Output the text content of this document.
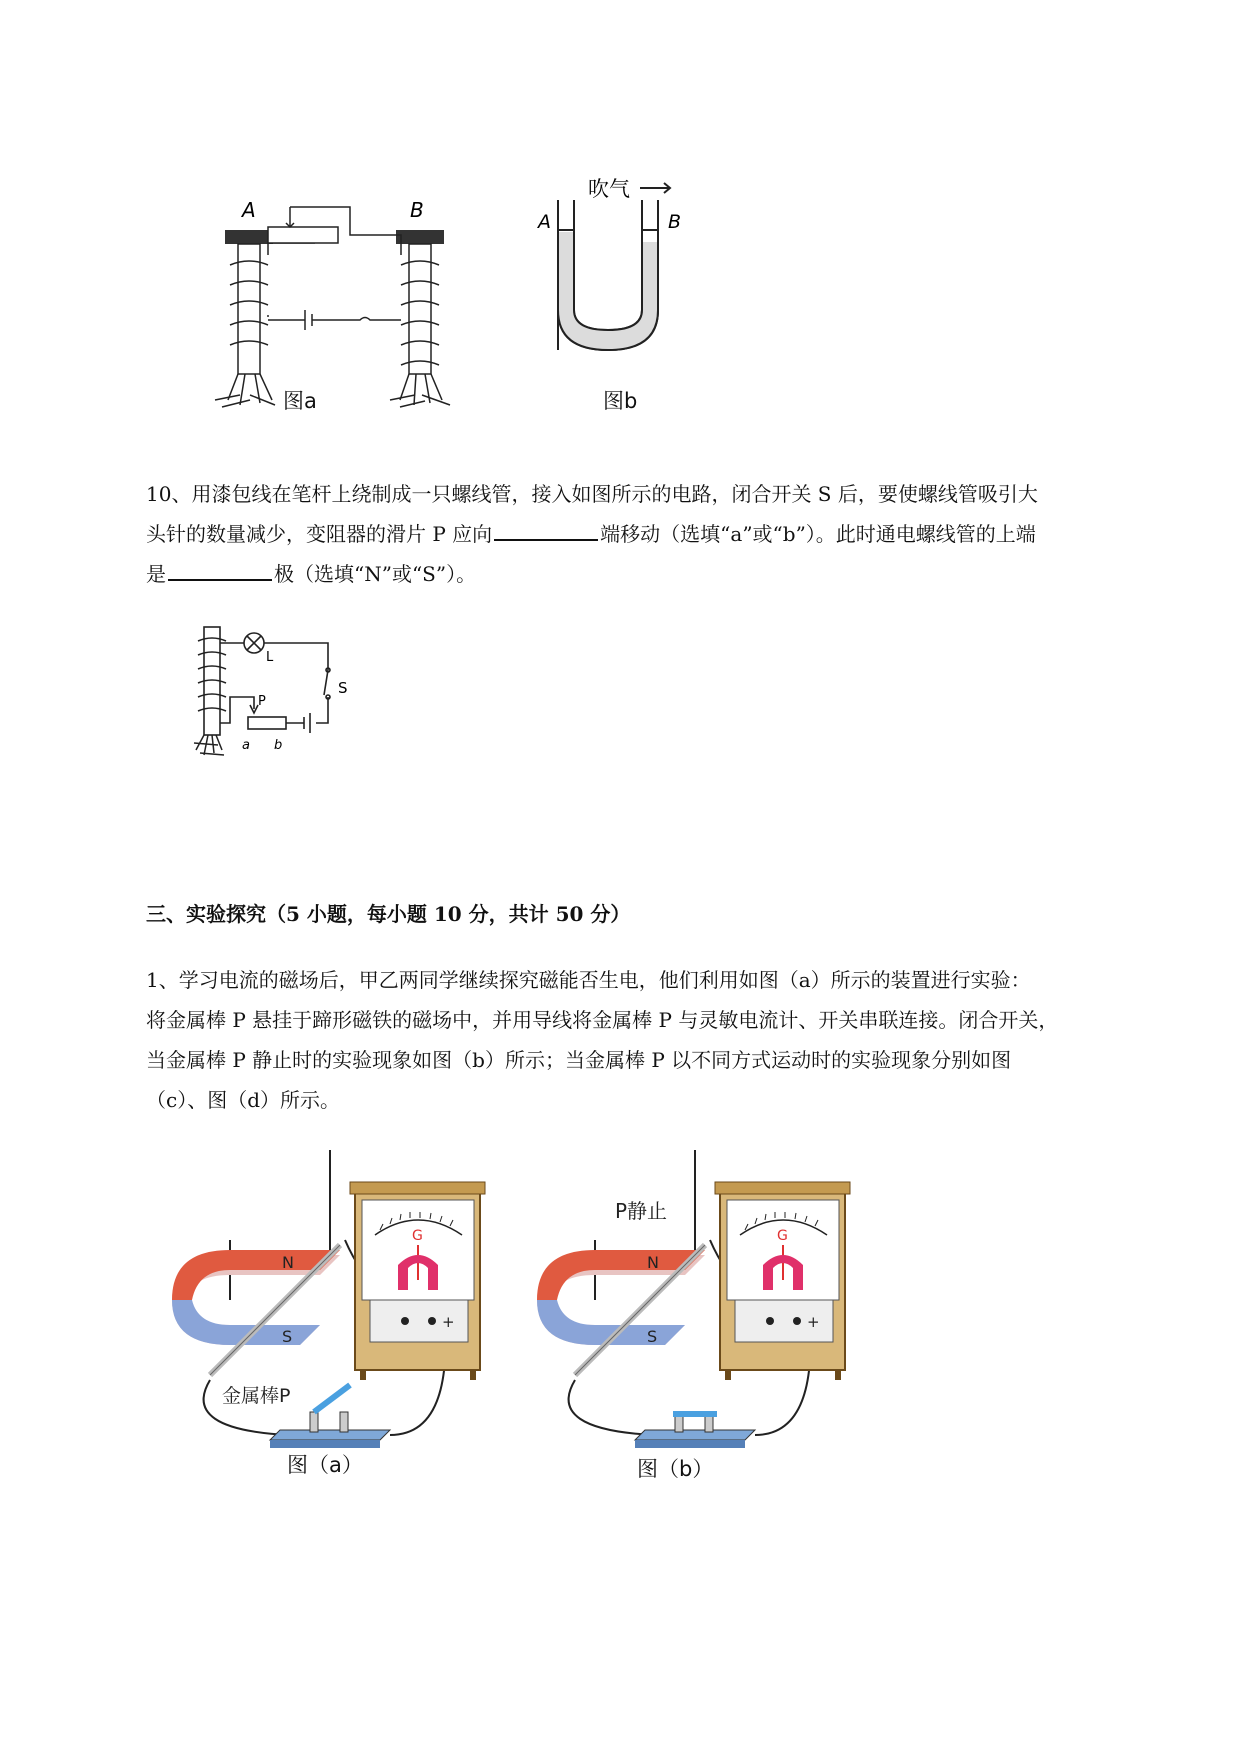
A	B
图a
吹气
A	B
图b
10、用漆包线在笔杆上绕制成一只螺线管，接入如图所示的电路，闭合开关 S 后，要使螺线管吸引大
头针的数量减少，变阻器的滑片 P 应向	端移动（选填“a”或“b”）。此时通电螺线管的上端
是	极（选填“N”或“S”）。
L
S
P
a b
三、实验探究（5 小题，每小题 10 分，共计 50 分）
1、学习电流的磁场后，甲乙两同学继续探究磁能否生电，他们利用如图（a）所示的装置进行实验：
将金属棒 P 悬挂于蹄形磁铁的磁场中，并用导线将金属棒 P 与灵敏电流计、开关串联连接。闭合开关，
当金属棒 P 静止时的实验现象如图（b）所示；当金属棒 P 以不同方式运动时的实验现象分别如图
（c）、图（d）所示。
N
S
金属棒P
G
+
图（a）
P静止
N
S
G
+
图（b）
